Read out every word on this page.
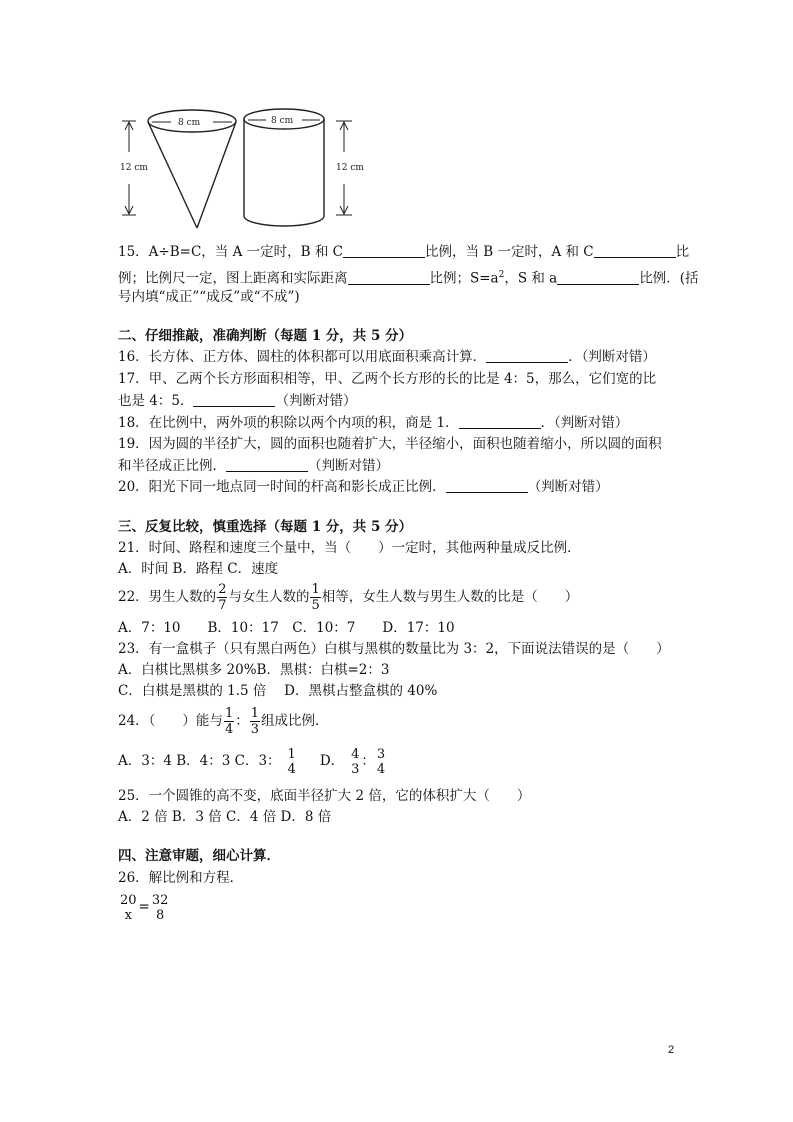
12 cm
8 cm	8 cm
12 cm
15．A÷B=C，当 A 一定时，B 和 C	比例，当 B 一定时，A 和 C	比
例；比例尺一定，图上距离和实际距离	比例；$S=a^2$，S 和 a	比例．(括
号内填“成正”“成反”或“不成”)
二、仔细推敲，准确判断（每题 1 分，共 5 分）
16．长方体、正方体、圆柱的体积都可以用底面积乘高计算．	．（判断对错）
17．甲、乙两个长方形面积相等，甲、乙两个长方形的长的比是 4：5，那么，它们宽的比
也是 4：5．	（判断对错）
18．在比例中，两外项的积除以两个内项的积，商是 1．	．（判断对错）
19．因为圆的半径扩大，圆的面积也随着扩大，半径缩小，面积也随着缩小，所以圆的面积
和半径成正比例．	（判断对错）
20．阳光下同一地点同一时间的杆高和影长成正比例．	（判断对错）
三、反复比较，慎重选择（每题 1 分，共 5 分）
21．时间、路程和速度三个量中，当（　　）一定时，其他两种量成反比例．
A．时间 B．路程 C．速度
22．男生人数的 $\frac{2}{7}$ 与女生人数的 $\frac{1}{5}$ 相等，女生人数与男生人数的比是（　　）
A．7：10　　B．10：17　C．10：7　　D．17：10
23．有一盒棋子（只有黑白两色）白棋与黑棋的数量比为 3：2，下面说法错误的是（　　）
A．白棋比黑棋多 20%B．黑棋：白棋=2：3
C．白棋是黑棋的 1.5 倍　 D．黑棋占整盒棋的 40%
24．（　　）能与 $\frac{1}{4}$ ： $\frac{1}{3}$ 组成比例．
A．3：4 B．4：3 C．3： 1
4 D． 4
3 ： 3
4
25．一个圆锥的高不变，底面半径扩大 2 倍，它的体积扩大（　　）
A．2 倍 B．3 倍 C．4 倍 D．8 倍
四、注意审题，细心计算．
26．解比例和方程．
20
x = 32
8
2
